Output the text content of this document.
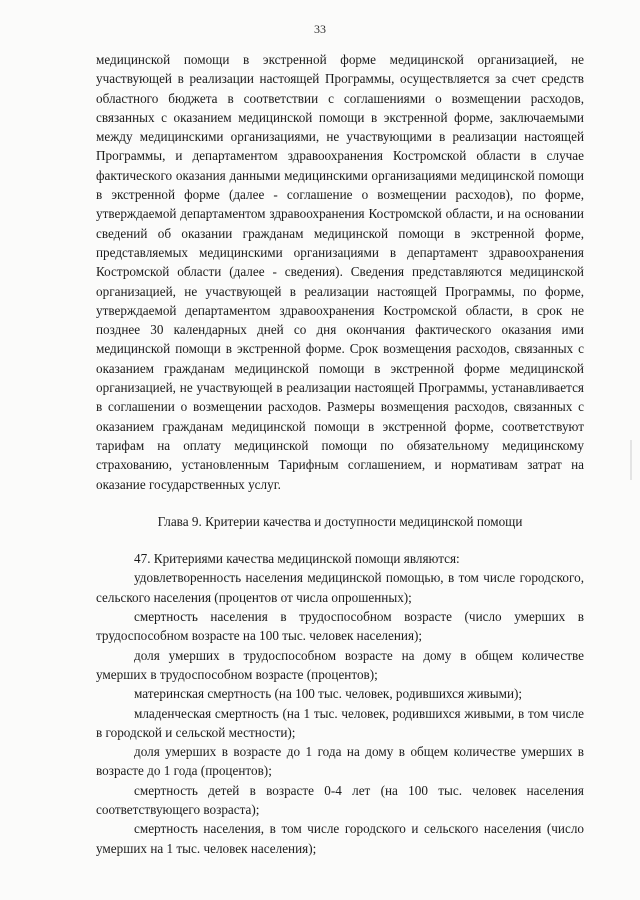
33

медицинской помощи в экстренной форме медицинской организацией, не участвующей в реализации настоящей Программы, осуществляется за счет средств областного бюджета в соответствии с соглашениями о возмещении расходов, связанных с оказанием медицинской помощи в экстренной форме, заключаемыми между медицинскими организациями, не участвующими в реализации настоящей Программы, и департаментом здравоохранения Костромской области в случае фактического оказания данными медицинскими организациями медицинской помощи в экстренной форме (далее - соглашение о возмещении расходов), по форме, утверждаемой департаментом здравоохранения Костромской области, и на основании сведений об оказании гражданам медицинской помощи в экстренной форме, представляемых медицинскими организациями в департамент здравоохранения Костромской области (далее - сведения). Сведения представляются медицинской организацией, не участвующей в реализации настоящей Программы, по форме, утверждаемой департаментом здравоохранения Костромской области, в срок не позднее 30 календарных дней со дня окончания фактического оказания ими медицинской помощи в экстренной форме. Срок возмещения расходов, связанных с оказанием гражданам медицинской помощи в экстренной форме медицинской организацией, не участвующей в реализации настоящей Программы, устанавливается в соглашении о возмещении расходов. Размеры возмещения расходов, связанных с оказанием гражданам медицинской помощи в экстренной форме, соответствуют тарифам на оплату медицинской помощи по обязательному медицинскому страхованию, установленным Тарифным соглашением, и нормативам затрат на оказание государственных услуг.

Глава 9. Критерии качества и доступности медицинской помощи

47. Критериями качества медицинской помощи являются:

удовлетворенность населения медицинской помощью, в том числе городского, сельского населения (процентов от числа опрошенных);

смертность населения в трудоспособном возрасте (число умерших в трудоспособном возрасте на 100 тыс. человек населения);

доля умерших в трудоспособном возрасте на дому в общем количестве умерших в трудоспособном возрасте (процентов);

материнская смертность (на 100 тыс. человек, родившихся живыми);

младенческая смертность (на 1 тыс. человек, родившихся живыми, в том числе в городской и сельской местности);

доля умерших в возрасте до 1 года на дому в общем количестве умерших в возрасте до 1 года (процентов);

смертность детей в возрасте 0-4 лет (на 100 тыс. человек населения соответствующего возраста);

смертность населения, в том числе городского и сельского населения (число умерших на 1 тыс. человек населения);
